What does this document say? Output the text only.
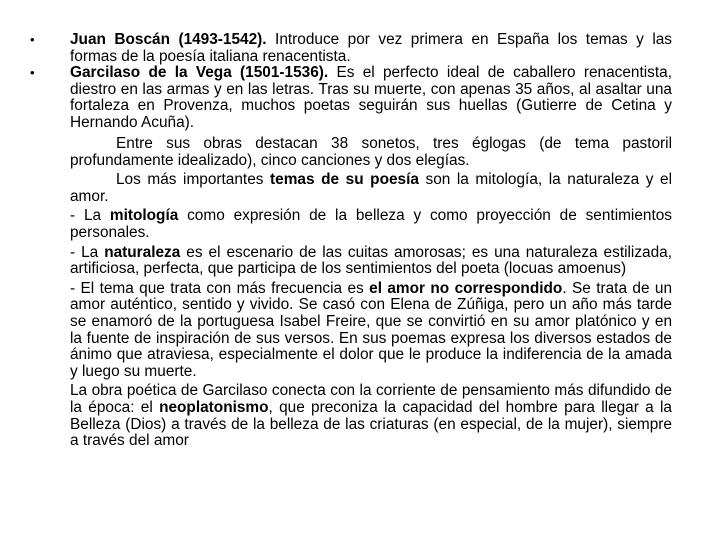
• Juan Boscán (1493-1542). Introduce por vez primera en España los temas y las formas de la poesía italiana renacentista.
• Garcilaso de la Vega (1501-1536). Es el perfecto ideal de caballero renacentista, diestro en las armas y en las letras. Tras su muerte, con apenas 35 años, al asaltar una fortaleza en Provenza, muchos poetas seguirán sus huellas (Gutierre de Cetina y Hernando Acuña).
Entre sus obras destacan 38 sonetos, tres églogas (de tema pastoril profundamente idealizado), cinco canciones y dos elegías.
Los más importantes temas de su poesía son la mitología, la naturaleza y el amor.
- La mitología como expresión de la belleza y como proyección de sentimientos personales.
- La naturaleza es el escenario de las cuitas amorosas; es una naturaleza estilizada, artificiosa, perfecta, que participa de los sentimientos del poeta (locuas amoenus)
- El tema que trata con más frecuencia es el amor no correspondido. Se trata de un amor auténtico, sentido y vivido. Se casó con Elena de Zúñiga, pero un año más tarde se enamoró de la portuguesa Isabel Freire, que se convirtió en su amor platónico y en la fuente de inspiración de sus versos. En sus poemas expresa los diversos estados de ánimo que atraviesa, especialmente el dolor que le produce la indiferencia de la amada y luego su muerte.
La obra poética de Garcilaso conecta con la corriente de pensamiento más difundido de la época: el neoplatonismo, que preconiza la capacidad del hombre para llegar a la Belleza (Dios) a través de la belleza de las criaturas (en especial, de la mujer), siempre a través del amor
